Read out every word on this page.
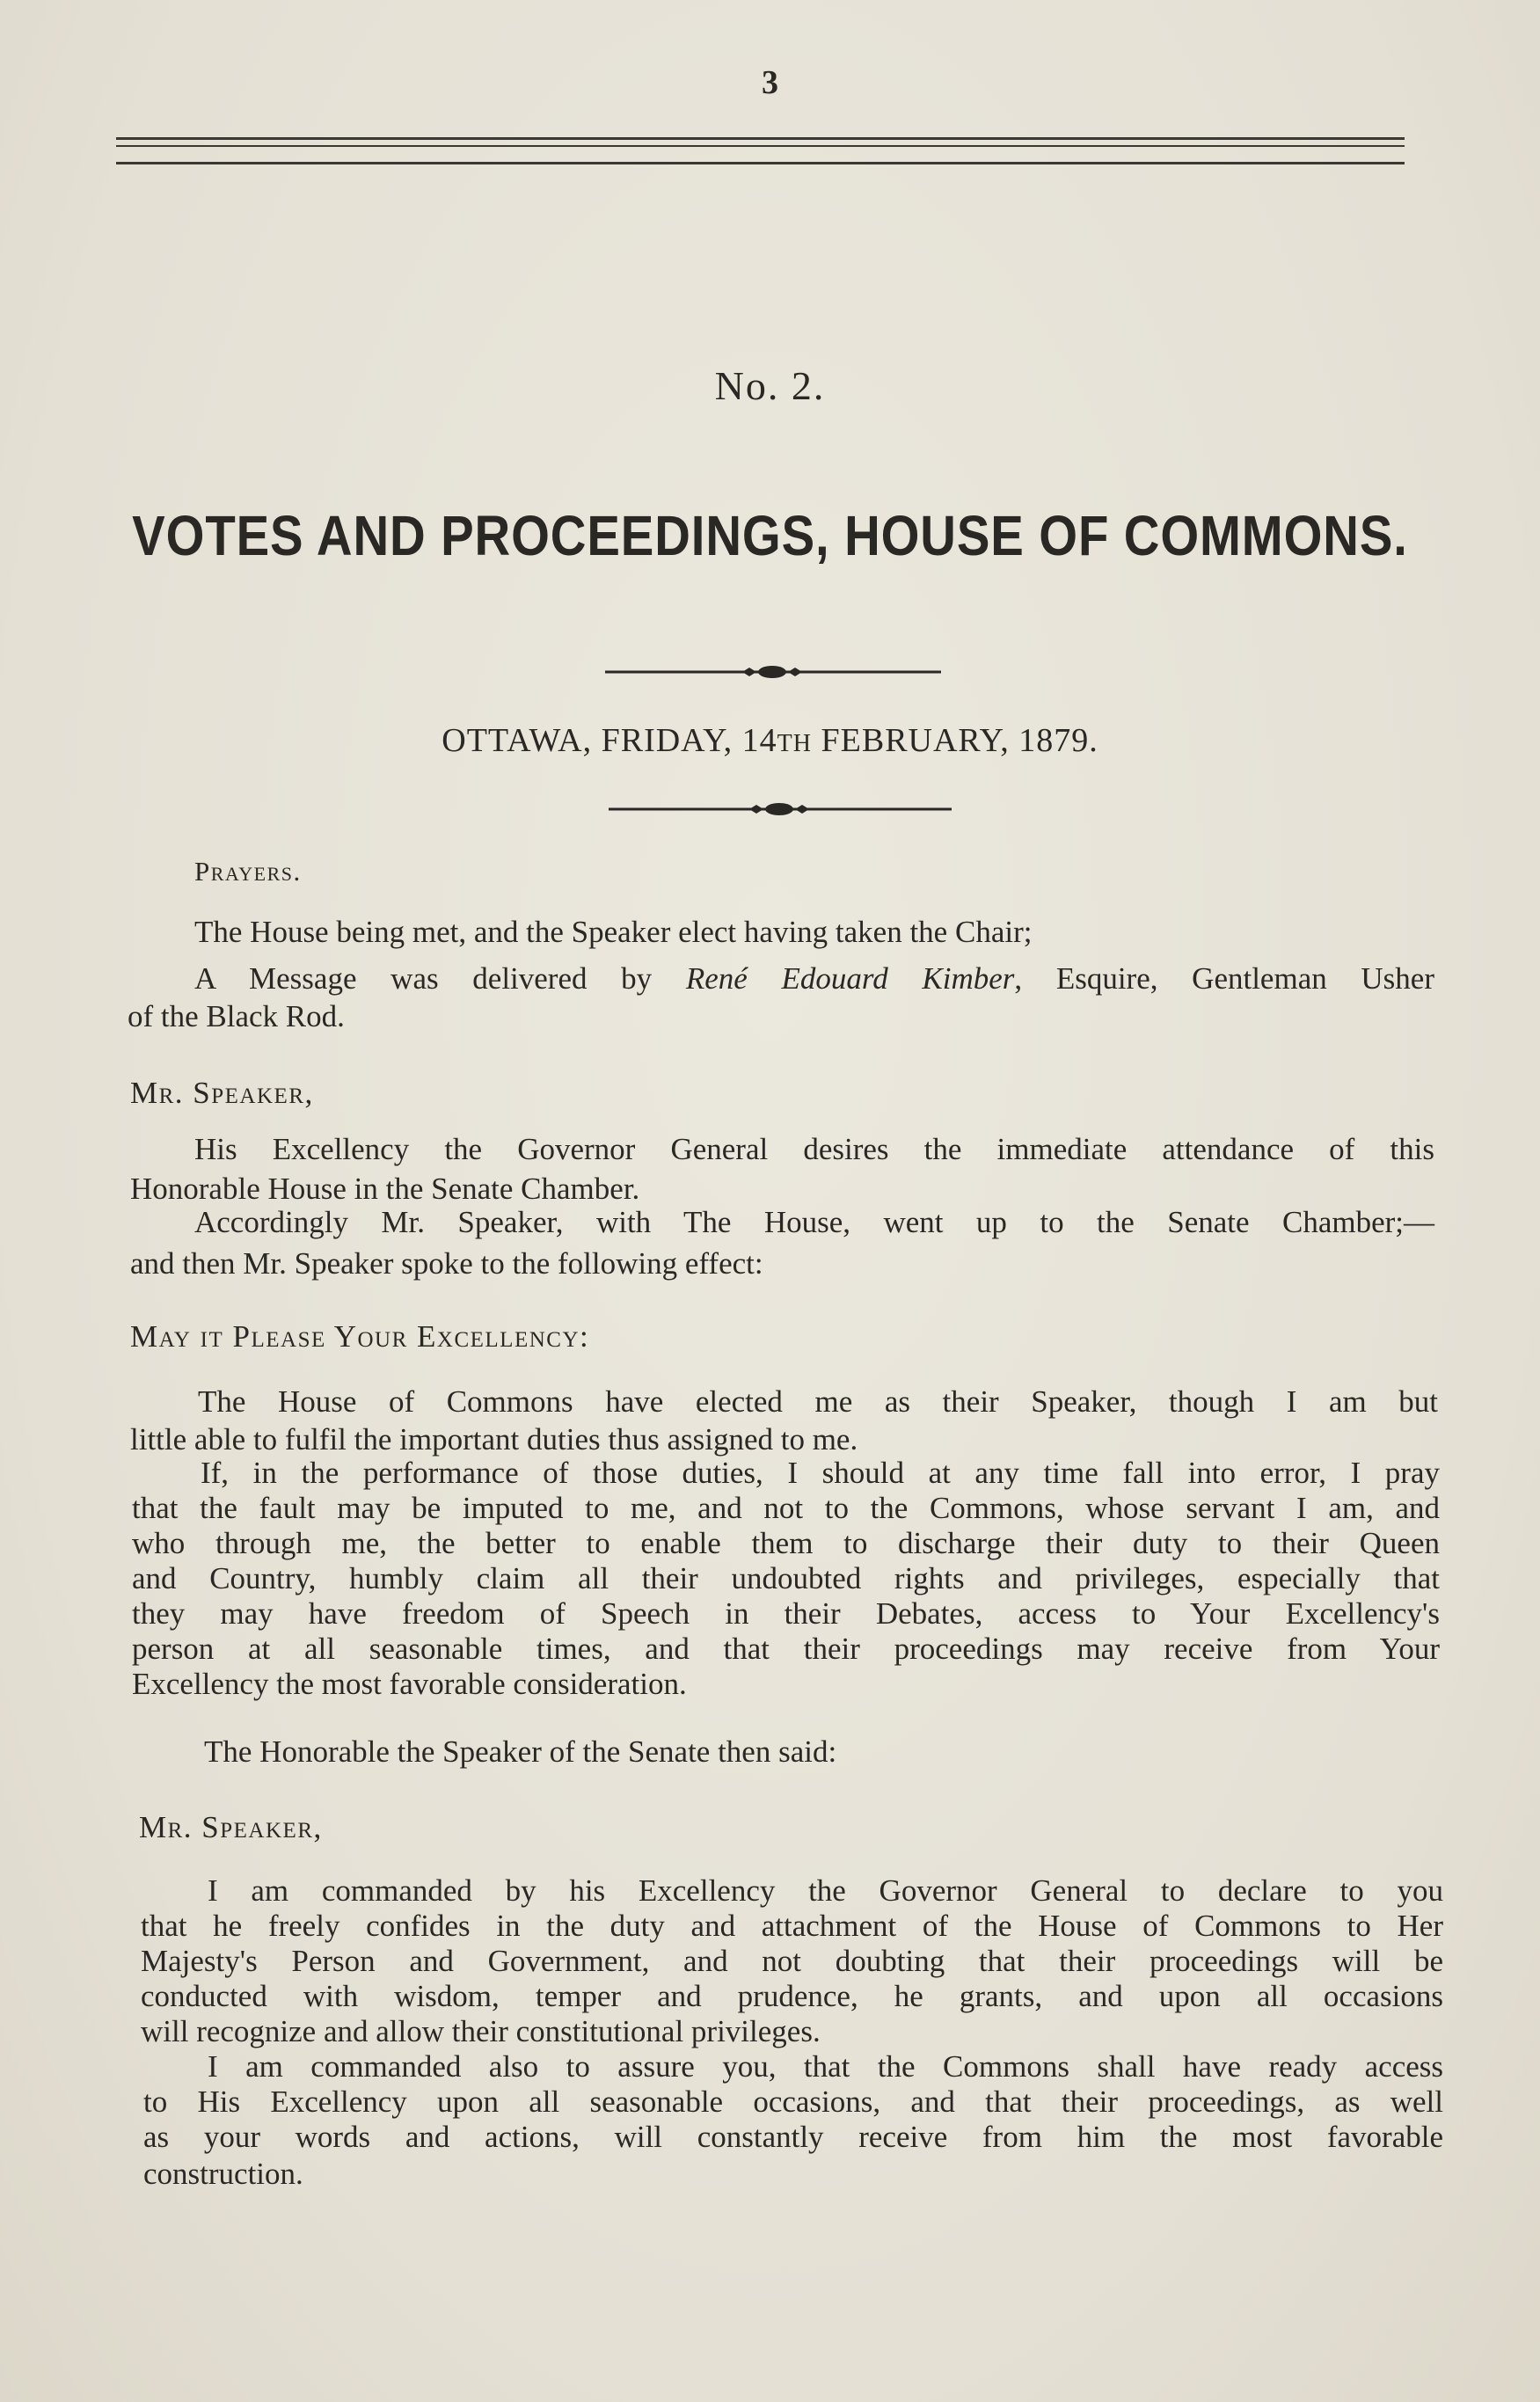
3
No. 2.
VOTES AND PROCEEDINGS, HOUSE OF COMMONS.
OTTAWA, FRIDAY, 14TH FEBRUARY, 1879.
Prayers.
The House being met, and the Speaker elect having taken the Chair;
A Message was delivered by René Edouard Kimber, Esquire, Gentleman Usher
of the Black Rod.
Mr. Speaker,
His Excellency the Governor General desires the immediate attendance of this
Honorable House in the Senate Chamber.
Accordingly Mr. Speaker, with The House, went up to the Senate Chamber;—
and then Mr. Speaker spoke to the following effect:
May it Please Your Excellency:
The House of Commons have elected me as their Speaker, though I am but
little able to fulfil the important duties thus assigned to me.
If, in the performance of those duties, I should at any time fall into error, I pray
that the fault may be imputed to me, and not to the Commons, whose servant I am, and
who through me, the better to enable them to discharge their duty to their Queen
and Country, humbly claim all their undoubted rights and privileges, especially that
they may have freedom of Speech in their Debates, access to Your Excellency's
person at all seasonable times, and that their proceedings may receive from Your
Excellency the most favorable consideration.
The Honorable the Speaker of the Senate then said:
Mr. Speaker,
I am commanded by his Excellency the Governor General to declare to you
that he freely confides in the duty and attachment of the House of Commons to Her
Majesty's Person and Government, and not doubting that their proceedings will be
conducted with wisdom, temper and prudence, he grants, and upon all occasions
will recognize and allow their constitutional privileges.
I am commanded also to assure you, that the Commons shall have ready access
to His Excellency upon all seasonable occasions, and that their proceedings, as well
as your words and actions, will constantly receive from him the most favorable
construction.
